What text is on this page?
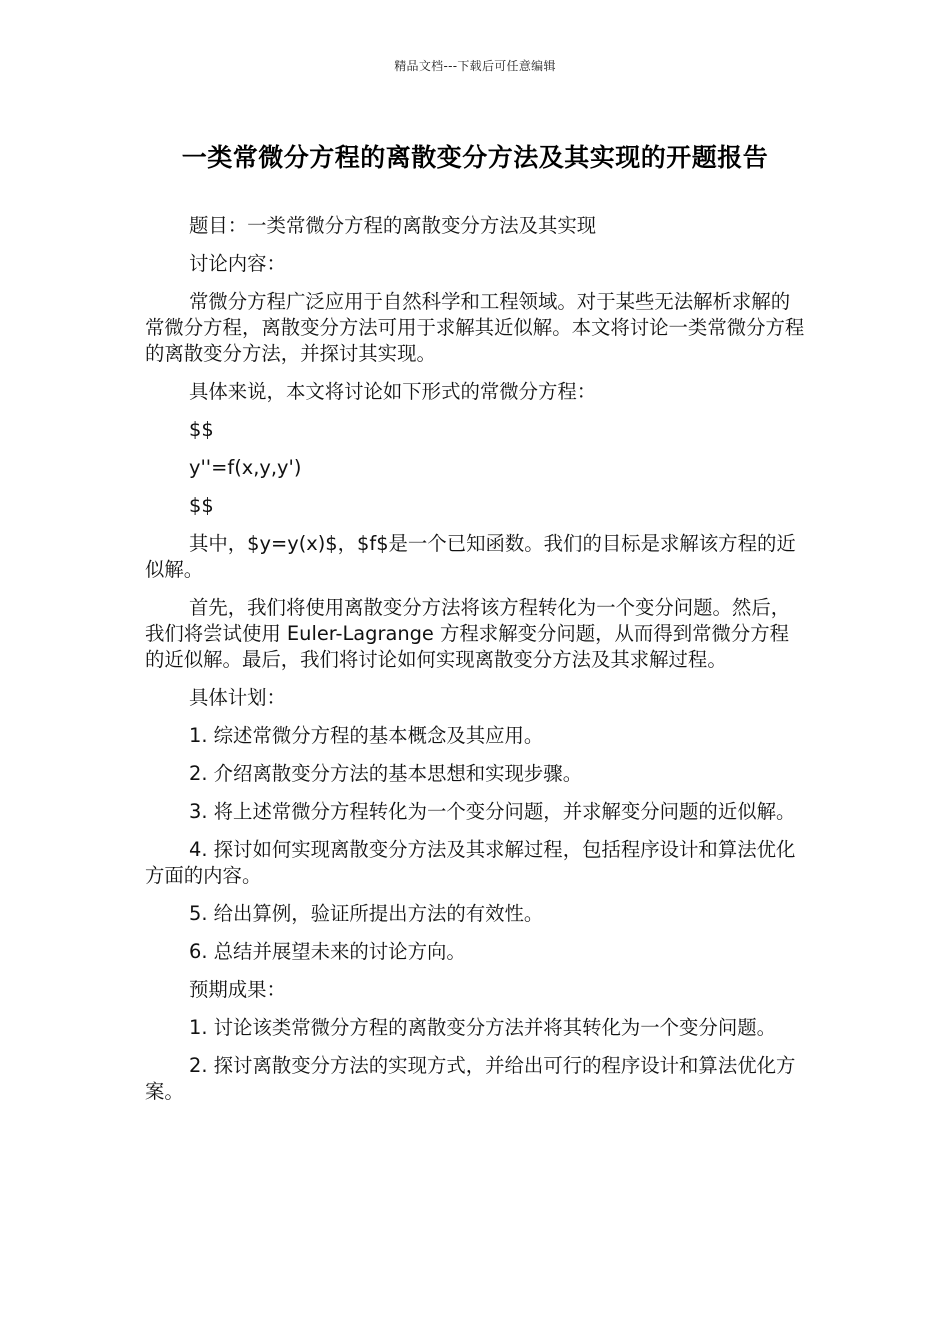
精品文档---下载后可任意编辑
一类常微分方程的离散变分方法及其实现的开题报告

题目：一类常微分方程的离散变分方法及其实现

讨论内容：

常微分方程广泛应用于自然科学和工程领域。对于某些无法解析求解的常微分方程，离散变分方法可用于求解其近似解。本文将讨论一类常微分方程的离散变分方法，并探讨其实现。

具体来说，本文将讨论如下形式的常微分方程：

$$

y''=f(x,y,y')

$$

其中，$y=y(x)$，$f$是一个已知函数。我们的目标是求解该方程的近似解。

首先，我们将使用离散变分方法将该方程转化为一个变分问题。然后，我们将尝试使用 Euler-Lagrange 方程求解变分问题，从而得到常微分方程的近似解。最后，我们将讨论如何实现离散变分方法及其求解过程。

具体计划：

1. 综述常微分方程的基本概念及其应用。

2. 介绍离散变分方法的基本思想和实现步骤。

3. 将上述常微分方程转化为一个变分问题，并求解变分问题的近似解。

4. 探讨如何实现离散变分方法及其求解过程，包括程序设计和算法优化方面的内容。

5. 给出算例，验证所提出方法的有效性。

6. 总结并展望未来的讨论方向。

预期成果：

1. 讨论该类常微分方程的离散变分方法并将其转化为一个变分问题。

2. 探讨离散变分方法的实现方式，并给出可行的程序设计和算法优化方案。
